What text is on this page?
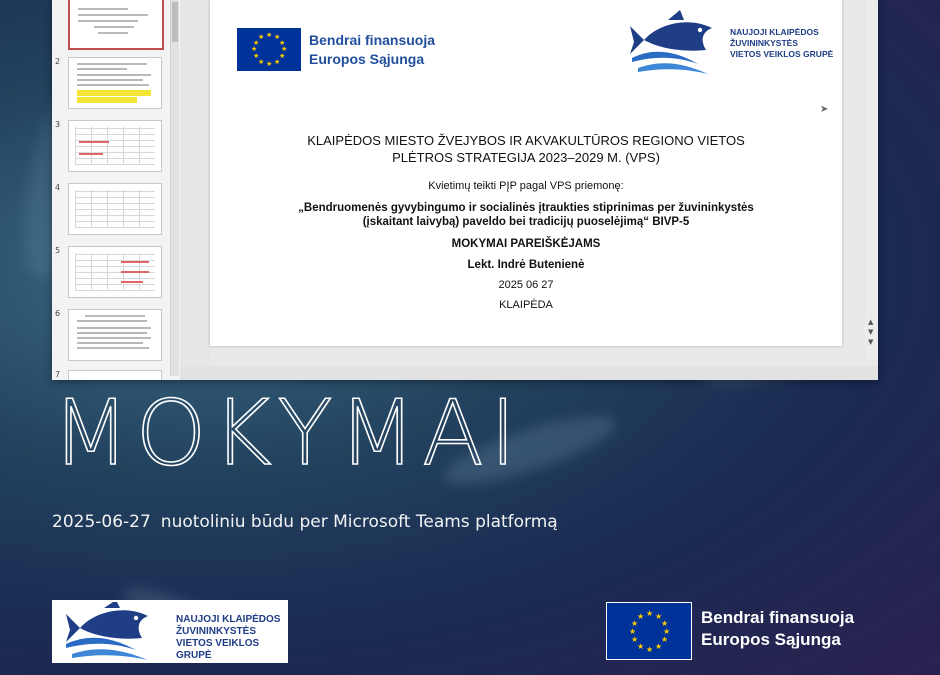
2
3
4
5
6
7
★ ★
★
★
★
★
★
★
★
★
★
★	Bendrai finansuoja
Europos Sąjunga
NAUJOJI KLAIPĖDOS
ŽUVININKYSTĖS
VIETOS VEIKLOS GRUPĖ
➤
KLAIPĖDOS MIESTO ŽVEJYBOS IR AKVAKULTŪROS REGIONO VIETOS
PLĖTROS STRATEGIJA 2023–2029 M. (VPS)
Kvietimų teikti PĮP pagal VPS priemonę:
„Bendruomenės gyvybingumo ir socialinės įtraukties stiprinimas per žuvininkystės
(įskaitant laivybą) paveldo bei tradicijų puoselėjimą“ BIVP-5
MOKYMAI PAREIŠKĖJAMS
Lekt. Indrė Butenienė
2025 06 27
KLAIPĖDA
▲
▼
▼
MOKYMAI
2025-06-27 nuotoliniu būdu per Microsoft Teams platformą
NAUJOJI KLAIPĖDOS
ŽUVININKYSTĖS
VIETOS VEIKLOS GRUPĖ
★ ★
★
★
★
★
★
★
★
★
★
★	Bendrai finansuoja
Europos Sąjunga
